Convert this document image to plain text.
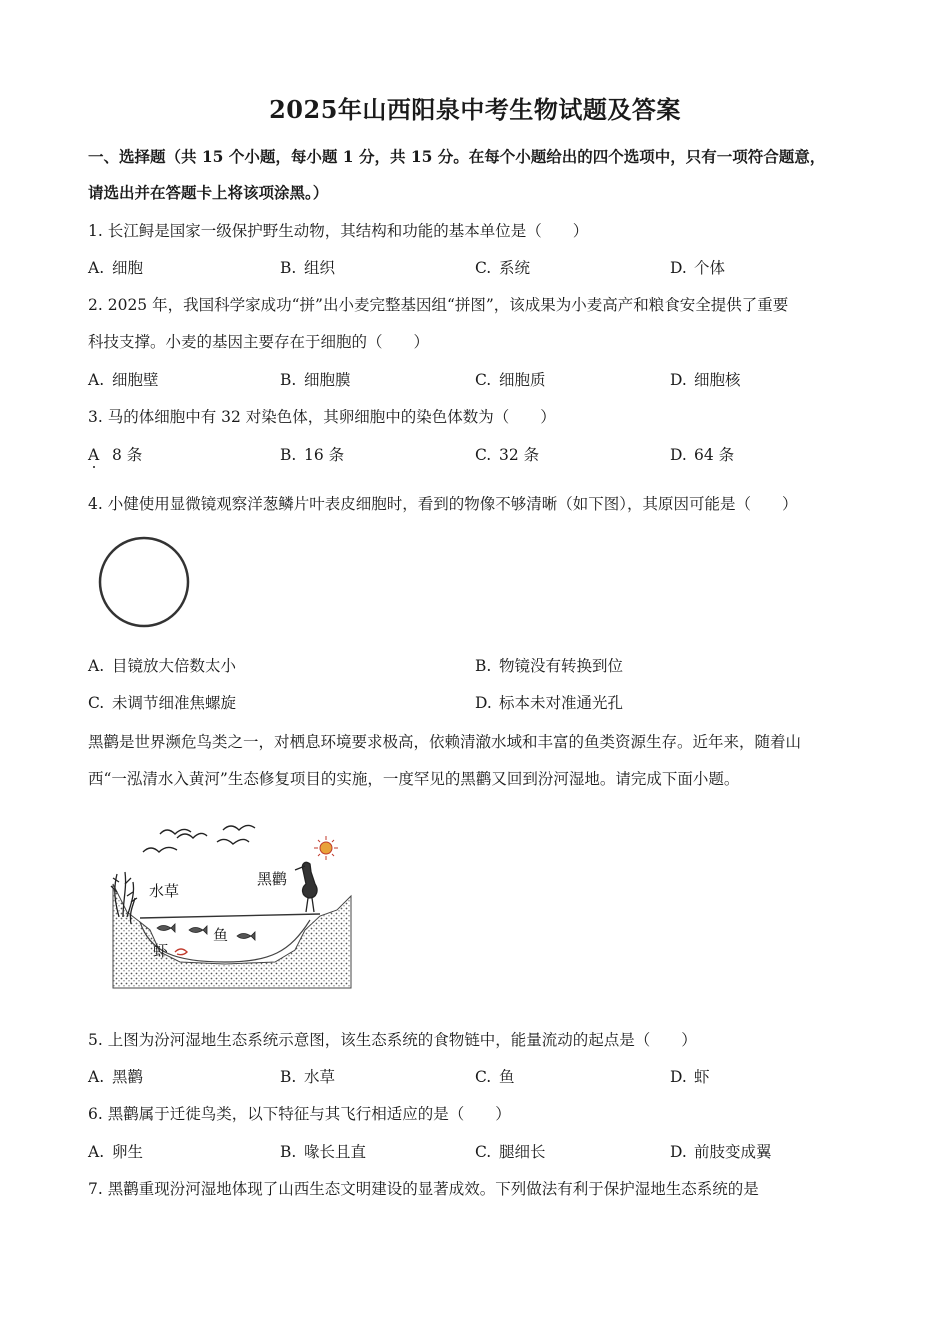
2025年山西阳泉中考生物试题及答案
一、选择题（共 15 个小题，每小题 1 分，共 15 分。在每个小题给出的四个选项中，只有一项符合题意，
请选出并在答题卡上将该项涂黑。）
1. 长江鲟是国家一级保护野生动物，其结构和功能的基本单位是（　　）
A. 细胞	B. 组织	C. 系统	D. 个体
2. 2025 年，我国科学家成功“拼”出小麦完整基因组“拼图”，该成果为小麦高产和粮食安全提供了重要
科技支撑。小麦的基因主要存在于细胞的（　　）
A. 细胞壁	B. 细胞膜	C. 细胞质	D. 细胞核
3. 马的体细胞中有 32 对染色体，其卵细胞中的染色体数为（　　）
A 8 条	B. 16 条	C. 32 条	D. 64 条
4. 小健使用显微镜观察洋葱鳞片叶表皮细胞时，看到的物像不够清晰（如下图），其原因可能是（　　）
A. 目镜放大倍数太小	B. 物镜没有转换到位
C. 未调节细准焦螺旋	D. 标本未对准通光孔
黑鹳是世界濒危鸟类之一，对栖息环境要求极高，依赖清澈水域和丰富的鱼类资源生存。近年来，随着山
西“一泓清水入黄河”生态修复项目的实施，一度罕见的黑鹳又回到汾河湿地。请完成下面小题。
水草
黑鹳
鱼
虾
5. 上图为汾河湿地生态系统示意图，该生态系统的食物链中，能量流动的起点是（　　）
A. 黑鹳	B. 水草	C. 鱼	D. 虾
6. 黑鹳属于迁徙鸟类，以下特征与其飞行相适应的是（　　）
A. 卵生	B. 喙长且直	C. 腿细长	D. 前肢变成翼
7. 黑鹳重现汾河湿地体现了山西生态文明建设的显著成效。下列做法有利于保护湿地生态系统的是
